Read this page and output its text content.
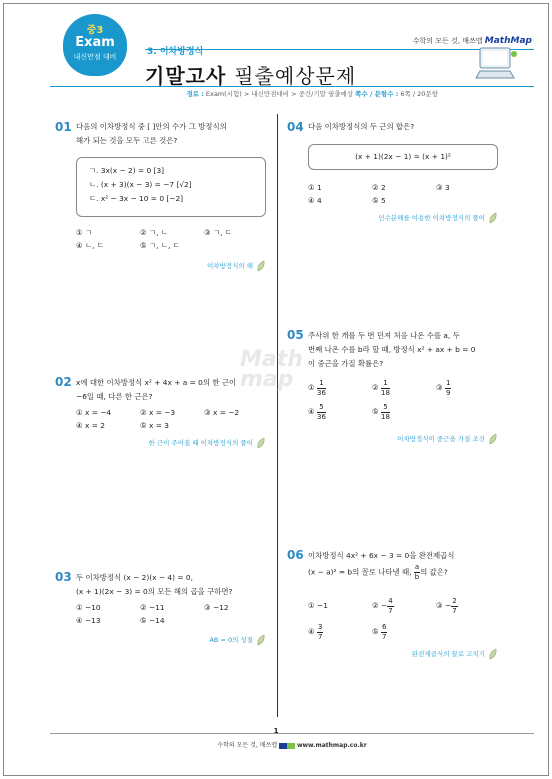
중3
Exam
내신만점 대비	3. 이차방정식
수학의 모든 것, 매쓰맵 MathMap
기말고사 필출예상문제
경로 : Exam(시험) > 내신만점대비 > 중간/기말 필출예상 쪽수 / 문항수 : 6쪽 / 20문항
Math
map
01 다음의 이차방정식 중 [ ]안의 수가 그 방정식의
해가 되는 것을 모두 고른 것은?
ㄱ. 3x(x − 2) = 0 [3]
ㄴ. (x + 3)(x − 3) = −7 [√2]
ㄷ. x² − 3x − 10 = 0 [−2]
① ㄱ	② ㄱ, ㄴ	③ ㄱ, ㄷ
④ ㄴ, ㄷ	⑤ ㄱ, ㄴ, ㄷ
이차방정식의 해
02 x에 대한 이차방정식 x² + 4x + a = 0의 한 근이
−6일 때, 다른 한 근은?
① x = −4	② x = −3	③ x = −2
④ x = 2	⑤ x = 3
한 근이 주어질 때 이차방정식의 풀이
03 두 이차방정식 (x − 2)(x − 4) = 0,
(x + 1)(2x − 3) = 0의 모든 해의 곱을 구하면?
① −10	② −11	③ −12
④ −13	⑤ −14
AB = 0의 성질
04 다음 이차방정식의 두 근의 합은?
(x + 1)(2x − 1) = (x + 1)²
① 1	② 2	③ 3
④ 4	⑤ 5
인수분해를 이용한 이차방정식의 풀이
05 주사위 한 개를 두 번 던져 처음 나온 수를 a, 두
번째 나온 수를 b라 할 때, 방정식 x² + ax + b = 0
이 중근을 가질 확률은?
① $\frac{1}{36}$	② $\frac{1}{18}$	③ $\frac{1}{9}$

④ $\frac{5}{36}$	⑤ $\frac{5}{18}$
이차방정식이 중근을 가질 조건
06 이차방정식 4x² + 6x − 3 = 0을 완전제곱식
(x − a)² = b의 꼴로 나타낼 때, $\frac{a}{b}$ 의 값은?
① −1	② − $\frac{4}{7}$	③ − $\frac{2}{7}$

④ $\frac{3}{7}$	⑤ $\frac{6}{7}$
완전제곱식의 꼴로 고치기
1
수학의 모든 것, 매쓰맵	www.mathmap.co.kr
